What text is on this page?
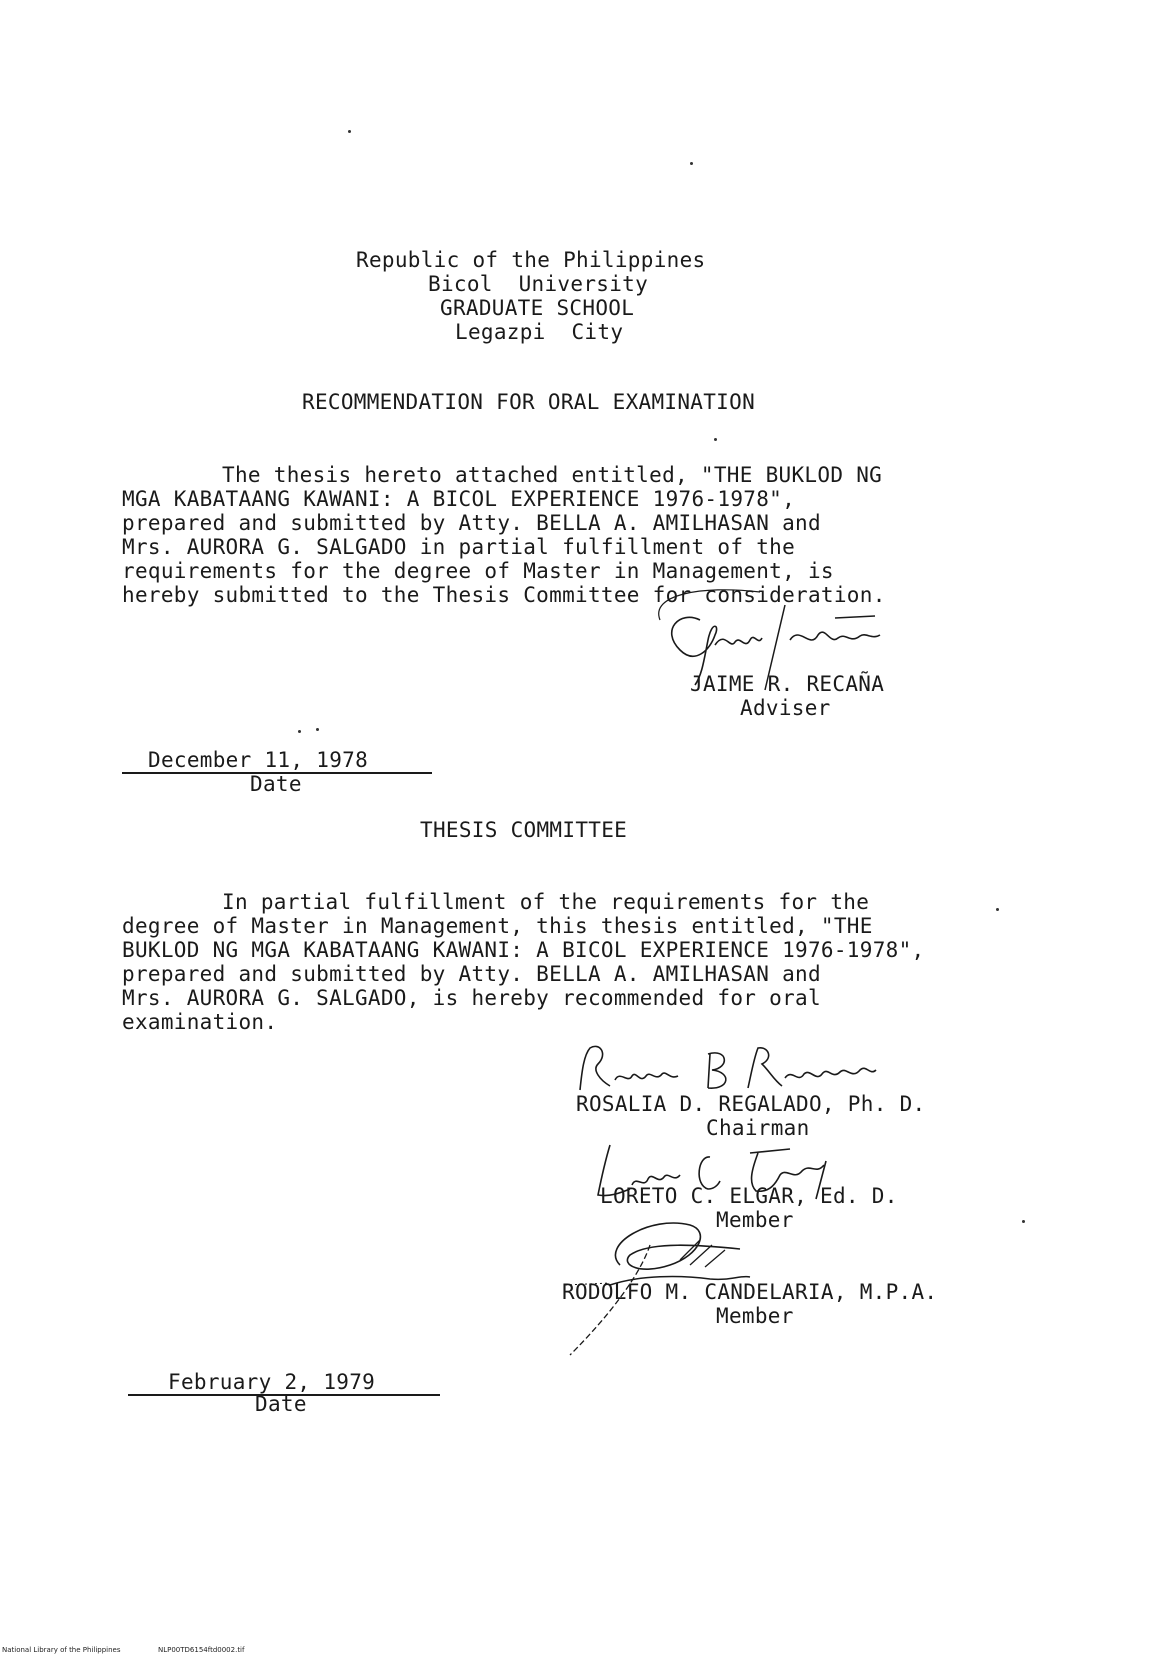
Republic of the Philippines
Bicol  University
GRADUATE SCHOOL
Legazpi  City
RECOMMENDATION FOR ORAL EXAMINATION
The thesis hereto attached entitled, "THE BUKLOD NG
MGA KABATAANG KAWANI: A BICOL EXPERIENCE 1976-1978",
prepared and submitted by Atty. BELLA A. AMILHASAN and
Mrs. AURORA G. SALGADO in partial fulfillment of the
requirements for the degree of Master in Management, is
hereby submitted to the Thesis Committee for consideration.
JAIME R. RECAÑA
Adviser
December 11, 1978
Date
THESIS COMMITTEE
In partial fulfillment of the requirements for the
degree of Master in Management, this thesis entitled, "THE
BUKLOD NG MGA KABATAANG KAWANI: A BICOL EXPERIENCE 1976-1978",
prepared and submitted by Atty. BELLA A. AMILHASAN and
Mrs. AURORA G. SALGADO, is hereby recommended for oral
examination.
ROSALIA D. REGALADO, Ph. D.
Chairman
LORETO C. ELGAR, Ed. D.
Member
RODOLFO M. CANDELARIA, M.P.A.
Member
February 2, 1979
Date
National Library of the Philippines	NLP00TD6154ftd0002.tif
